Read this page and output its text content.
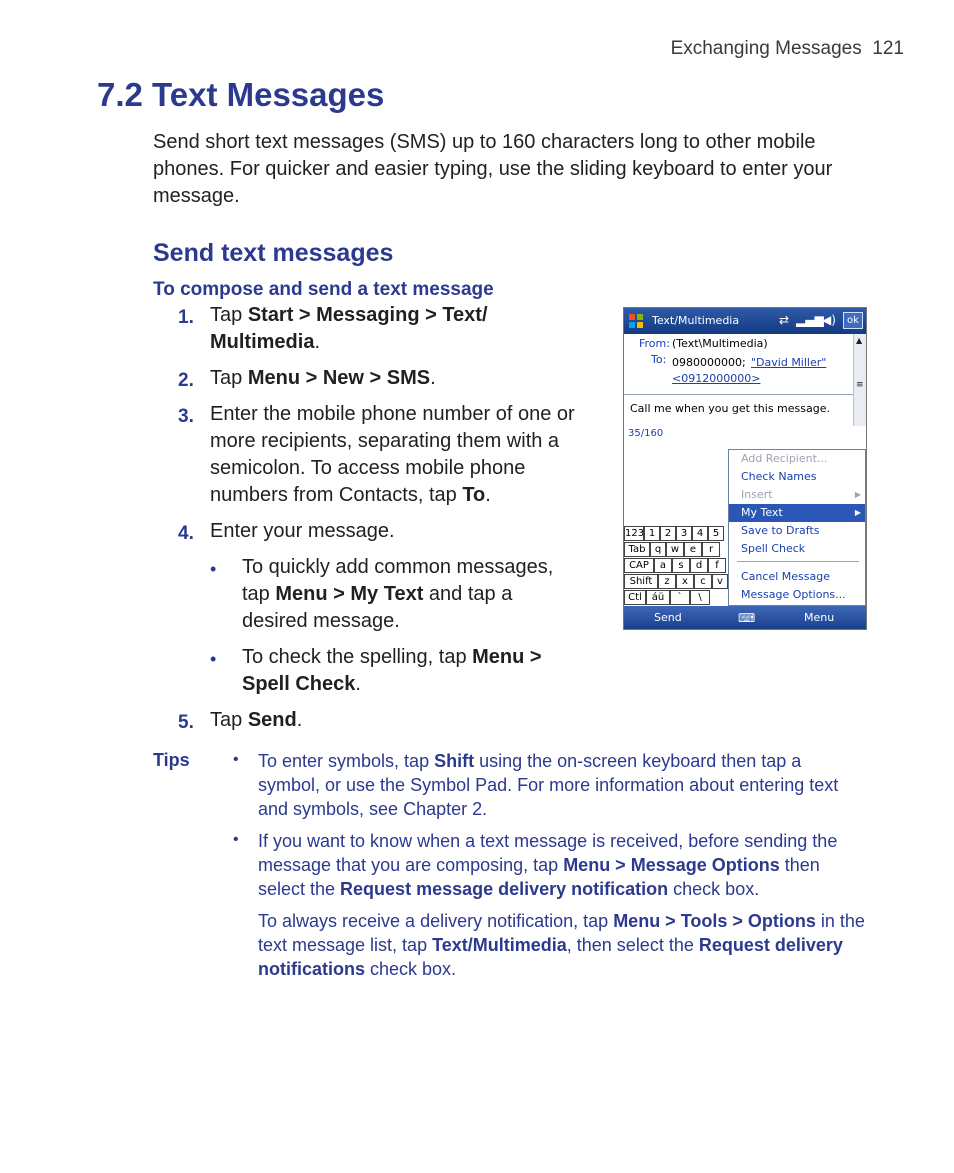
Exchanging Messages 121
7.2 Text Messages
Send short text messages (SMS) up to 160 characters long to other mobile phones. For quicker and easier typing, use the sliding keyboard to enter your message.
Send text messages
To compose and send a text message
1. Tap Start > Messaging > Text/ Multimedia.
2. Tap Menu > New > SMS.
3. Enter the mobile phone number of one or more recipients, separating them with a semicolon. To access mobile phone numbers from Contacts, tap To.
4. Enter your message.
• To quickly add common messages, tap Menu > My Text and tap a desired message.
• To check the spelling, tap Menu > Spell Check.
5. Tap Send.
Tips	• To enter symbols, tap Shift using the on-screen keyboard then tap a symbol, or use the Symbol Pad. For more information about entering text and symbols, see Chapter 2.
• If you want to know when a text message is received, before sending the message that you are composing, tap Menu > Message Options then select the Request message delivery notification check box.
To always receive a delivery notification, tap Menu > Tools > Options in the text message list, tap Text/Multimedia, then select the Request delivery notifications check box.
Text/Multimedia	⇄ ▂▄▆
◀)	ok
From: (Text\Multimedia)
To: 0980000000; "David Miller"
<0912000000>
▲
≡
Call me when you get this message.
35/160
123 1 2 3 4 5
Tab q w	e	r
CAP	a	s	d	f
Shift	z	x	c	v
Ctl áü	`	\
Add Recipient...
Check Names
Insert	▶
My Text	▶
Save to Drafts
Spell Check
Cancel Message
Message Options...
Send	⌨	Menu
